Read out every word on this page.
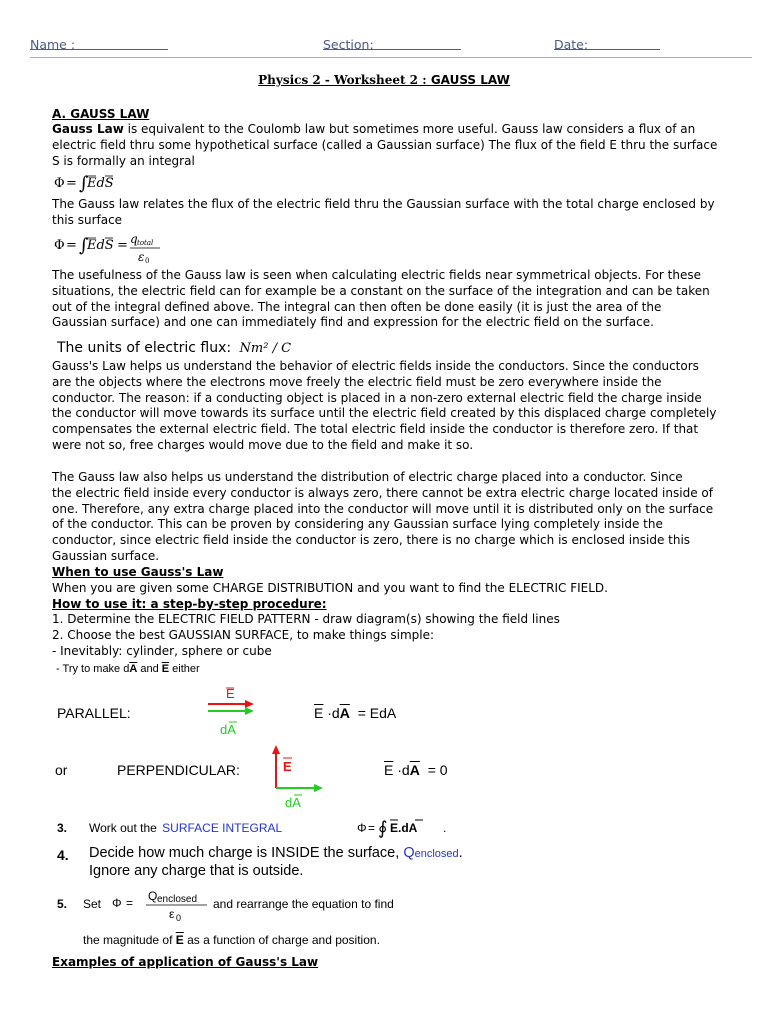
Name :	Section:	Date:
Physics 2 - Worksheet 2 : GAUSS LAW
A. GAUSS LAW
Gauss Law is equivalent to the Coulomb law but sometimes more useful. Gauss law considers a flux of an
electric field thru some hypothetical surface (called a Gaussian surface) The flux of the field E thru the surface
S is formally an integral
Φ = ∫
EdS
The Gauss law relates the flux of the electric field thru the Gaussian surface with the total charge enclosed by
this surface
Φ = ∫
EdS = q total
ε 0
The usefulness of the Gauss law is seen when calculating electric fields near symmetrical objects. For these
situations, the electric field can for example be a constant on the surface of the integration and can be taken
out of the integral defined above. The integral can then often be done easily (it is just the area of the
Gaussian surface) and one can immediately find and expression for the electric field on the surface.
The units of electric flux: Nm² / C
Gauss's Law helps us understand the behavior of electric fields inside the conductors. Since the conductors
are the objects where the electrons move freely the electric field must be zero everywhere inside the
conductor. The reason: if a conducting object is placed in a non-zero external electric field the charge inside
the conductor will move towards its surface until the electric field created by this displaced charge completely
compensates the external electric field. The total electric field inside the conductor is therefore zero. If that
were not so, free charges would move due to the field and make it so.
The Gauss law also helps us understand the distribution of electric charge placed into a conductor. Since
the electric field inside every conductor is always zero, there cannot be extra electric charge located inside of
one. Therefore, any extra charge placed into the conductor will move until it is distributed only on the surface
of the conductor. This can be proven by considering any Gaussian surface lying completely inside the
conductor, since electric field inside the conductor is zero, there is no charge which is enclosed inside this
Gaussian surface.
When to use Gauss's Law
When you are given some CHARGE DISTRIBUTION and you want to find the ELECTRIC FIELD.
How to use it: a step-by-step procedure:
1. Determine the ELECTRIC FIELD PATTERN - draw diagram(s) showing the field lines
2. Choose the best GAUSSIAN SURFACE, to make things simple:
- Inevitably: cylinder, sphere or cube
- Try to make $d\overline{A}$ and $\overline{E}$ either
PARALLEL:
E
dA
$\overline{E} \cdot d\overline{A}$ = EdA
or	PERPENDICULAR:	E
dA
$\overline{E} \cdot d\overline{A} = 0$
3. Work out the SURFACE INTEGRAL	Φ = ∮ E.dA .
4. Decide how much charge is INSIDE the surface, Qenclosed.
Ignore any charge that is outside.
5. Set Φ = Q enclosed
ε 0
and rearrange the equation to find
the magnitude of $\overline{E}$ as a function of charge and position.
Examples of application of Gauss's Law
